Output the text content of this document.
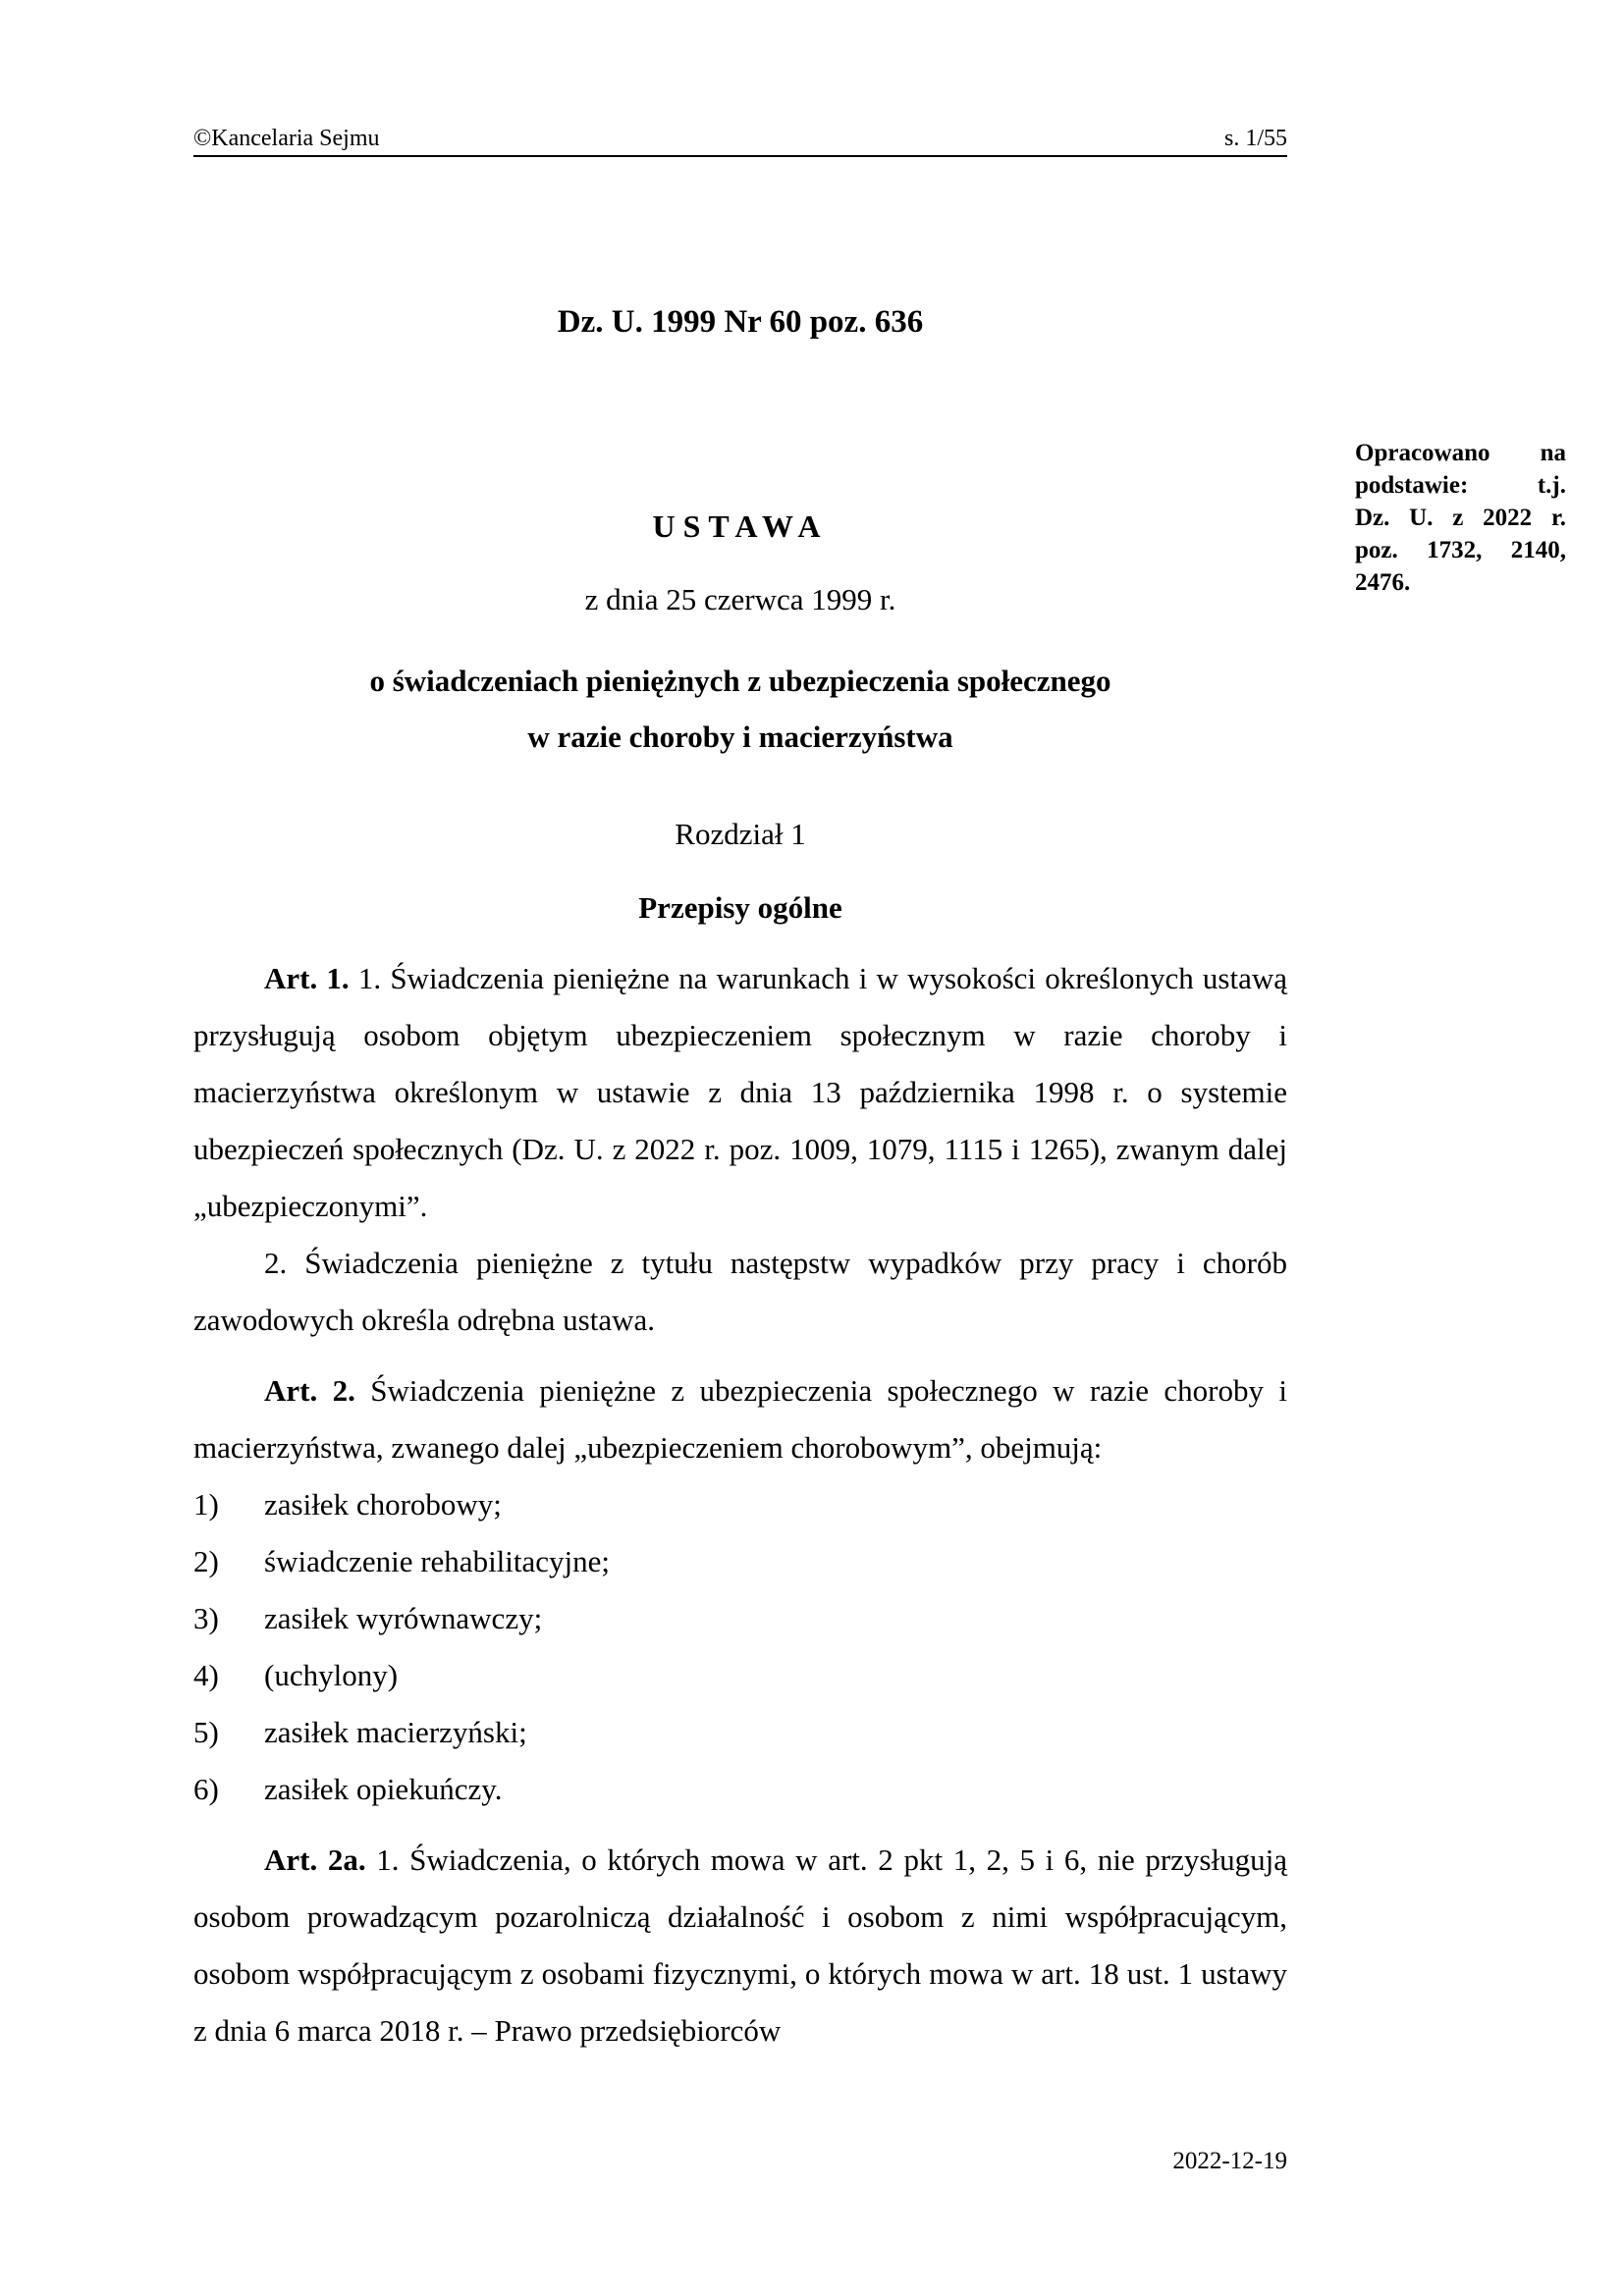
©Kancelaria Sejmu	s. 1/55
Dz. U. 1999 Nr 60 poz. 636
Opracowano na
podstawie: t.j.
Dz. U. z 2022 r.
poz. 1732, 2140,
2476.
USTAWA
z dnia 25 czerwca 1999 r.
o świadczeniach pieniężnych z ubezpieczenia społecznego
w razie choroby i macierzyństwa
Rozdział 1
Przepisy ogólne

Art. 1. 1. Świadczenia pieniężne na warunkach i w wysokości określonych ustawą przysługują osobom objętym ubezpieczeniem społecznym w razie choroby i macierzyństwa określonym w ustawie z dnia 13 października 1998 r. o systemie ubezpieczeń społecznych (Dz. U. z 2022 r. poz. 1009, 1079, 1115 i 1265), zwanym dalej „ubezpieczonymi”.

2. Świadczenia pieniężne z tytułu następstw wypadków przy pracy i chorób zawodowych określa odrębna ustawa.

Art. 2. Świadczenia pieniężne z ubezpieczenia społecznego w razie choroby i macierzyństwa, zwanego dalej „ubezpieczeniem chorobowym”, obejmują:

1) zasiłek chorobowy;
2) świadczenie rehabilitacyjne;
3) zasiłek wyrównawczy;
4) (uchylony)
5) zasiłek macierzyński;
6) zasiłek opiekuńczy.

Art. 2a. 1. Świadczenia, o których mowa w art. 2 pkt 1, 2, 5 i 6, nie przysługują osobom prowadzącym pozarolniczą działalność i osobom z nimi współpracującym, osobom współpracującym z osobami fizycznymi, o których mowa w art. 18 ust. 1 ustawy z dnia 6 marca 2018 r. – Prawo przedsiębiorców

2022-12-19
